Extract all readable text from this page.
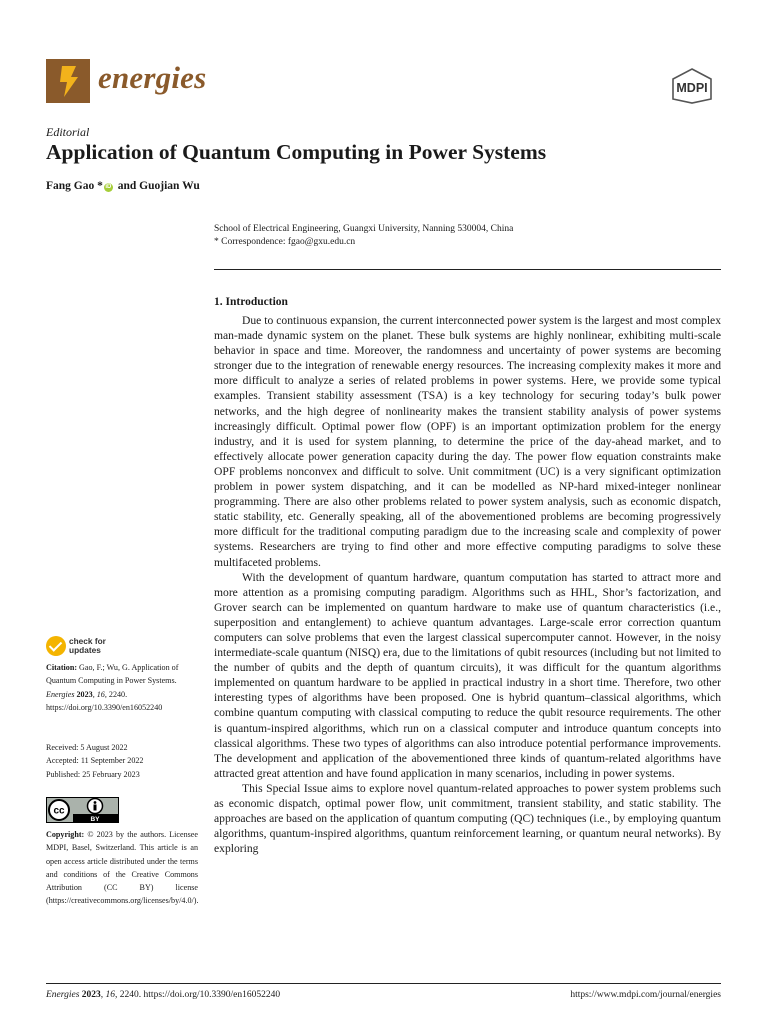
energies	MDPI
Editorial
Application of Quantum Computing in Power Systems
Fang Gao * iD and Guojian Wu
School of Electrical Engineering, Guangxi University, Nanning 530004, China
* Correspondence: fgao@gxu.edu.cn
1. Introduction

Due to continuous expansion, the current interconnected power system is the largest and most complex man-made dynamic system on the planet. These bulk systems are highly nonlinear, exhibiting multi-scale behavior in space and time. Moreover, the randomness and uncertainty of power systems are becoming stronger due to the integration of renewable energy resources. The increasing complexity makes it more and more difficult to analyze a series of related problems in power systems. Here, we provide some typical examples. Transient stability assessment (TSA) is a key technology for securing today’s bulk power networks, and the high degree of nonlinearity makes the transient stability analysis of power systems increasingly difficult. Optimal power flow (OPF) is an important optimization problem for the energy industry, and it is used for system planning, to determine the price of the day-ahead market, and to effectively allocate power generation capacity during the day. The power flow equation constraints make OPF problems nonconvex and difficult to solve. Unit commitment (UC) is a very significant optimization problem in power system dispatching, and it can be modelled as NP-hard mixed-integer nonlinear programming. There are also other problems related to power system analysis, such as economic dispatch, static stability, etc. Generally speaking, all of the abovementioned problems are becoming progressively more difficult for the traditional computing paradigm due to the increasing scale and complexity of power systems. Researchers are trying to find other and more effective computing paradigms to solve these multifaceted problems.

With the development of quantum hardware, quantum computation has started to attract more and more attention as a promising computing paradigm. Algorithms such as HHL, Shor’s factorization, and Grover search can be implemented on quantum hardware to make use of quantum characteristics (i.e., superposition and entanglement) to achieve quantum advantages. Large-scale error correction quantum computers can solve problems that even the largest classical supercomputer cannot. However, in the noisy intermediate-scale quantum (NISQ) era, due to the limitations of qubit resources (including but not limited to the number of qubits and the depth of quantum circuits), it was difficult for the quantum algorithms implemented on quantum hardware to be applied in practical industry in a short time. Therefore, two other interesting types of algorithms have been proposed. One is hybrid quantum–classical algorithms, which combine quantum computing with classical computing to reduce the qubit resource requirements. The other is quantum-inspired algorithms, which run on a classical computer and introduce quantum concepts into classical algorithms. These two types of algorithms can also introduce potential performance improvements. The development and application of the abovementioned three kinds of quantum-related algorithms have attracted great attention and have found application in many scenarios, including in power systems.

This Special Issue aims to explore novel quantum-related approaches to power system problems such as economic dispatch, optimal power flow, unit commitment, transient stability, and static stability. The approaches are based on the application of quantum computing (QC) techniques (i.e., by employing quantum algorithms, quantum-inspired algorithms, quantum reinforcement learning, or quantum neural networks). By exploring

check for
updates
Citation: Gao, F.; Wu, G. Application of Quantum Computing in Power Systems. Energies 2023, 16, 2240. https://doi.org/10.3390/en16052240
Received: 5 August 2022
Accepted: 11 September 2022
Published: 25 February 2023
cc
BY
Copyright: © 2023 by the authors. Licensee MDPI, Basel, Switzerland. This article is an open access article distributed under the terms and conditions of the Creative Commons Attribution (CC BY) license (https://creativecommons.org/licenses/by/4.0/).
Energies 2023, 16, 2240. https://doi.org/10.3390/en16052240	https://www.mdpi.com/journal/energies
